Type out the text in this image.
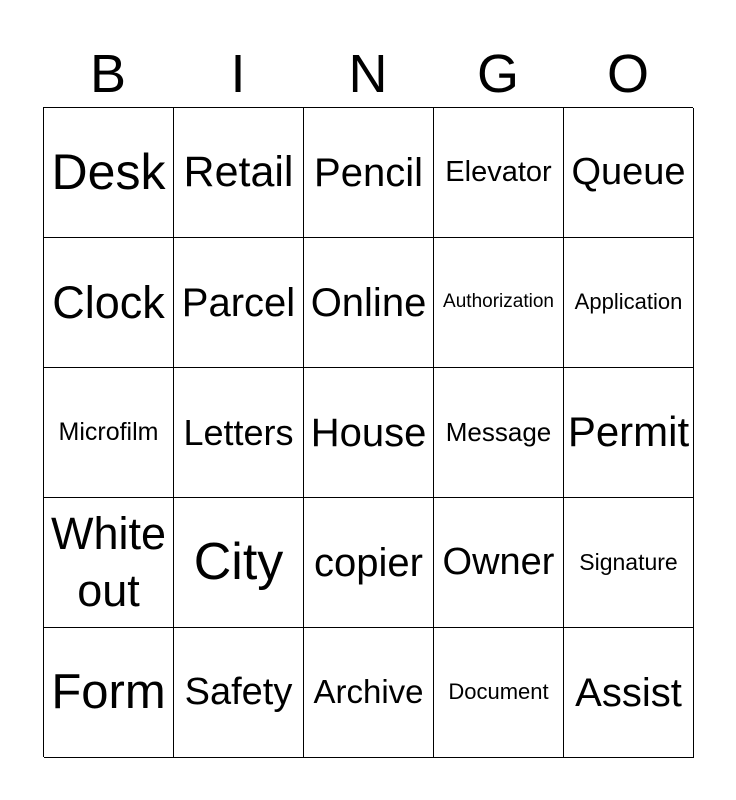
B	I	N	G	O
Desk Retail Pencil Elevator Queue
Clock Parcel Online Authorization Application
Microfilm Letters House Message Permit
White out	City copier Owner Signature
Form Safety Archive Document Assist
